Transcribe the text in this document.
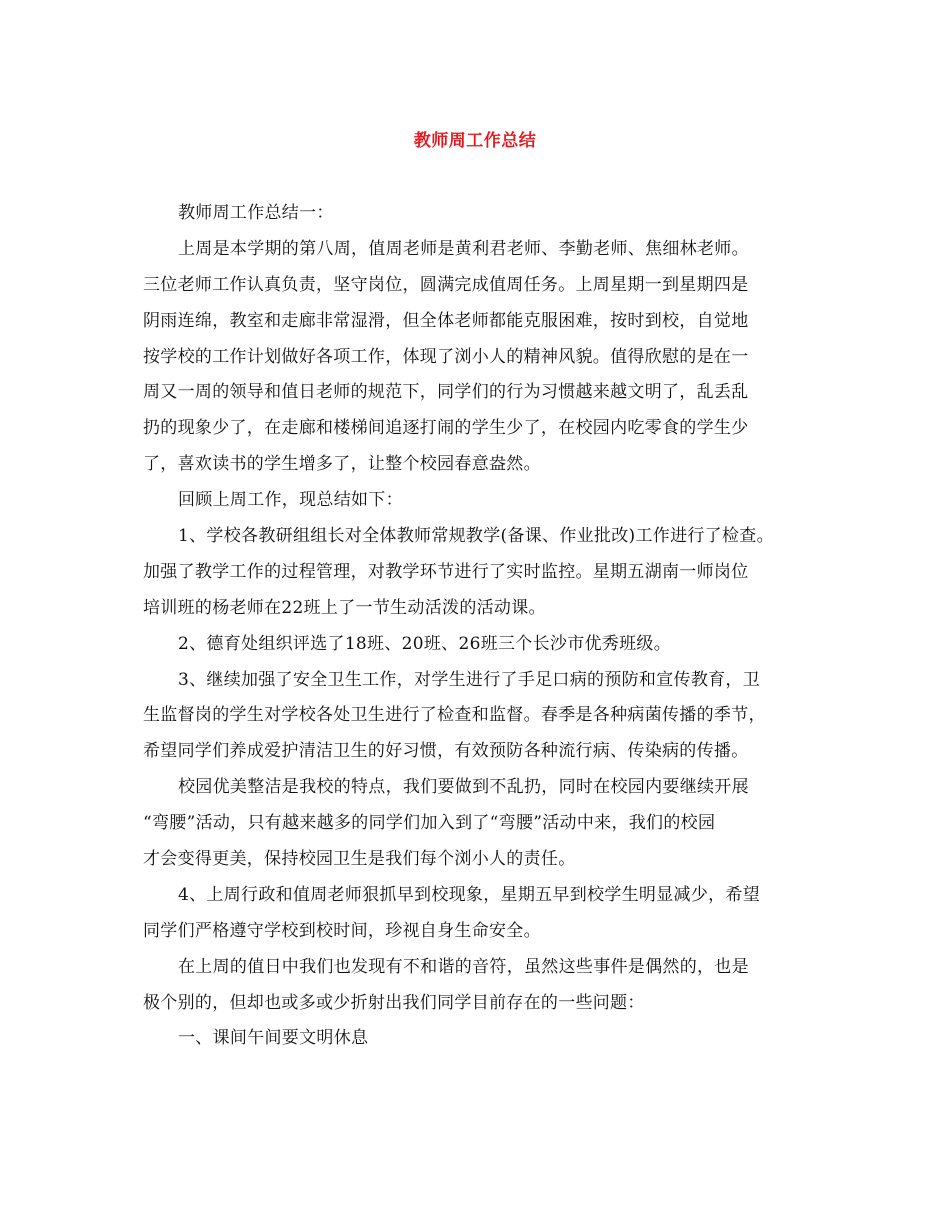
教师周工作总结
教师周工作总结一：
上周是本学期的第八周，值周老师是黄利君老师、李勤老师、焦细林老师。
三位老师工作认真负责，坚守岗位，圆满完成值周任务。上周星期一到星期四是
阴雨连绵，教室和走廊非常湿滑，但全体老师都能克服困难，按时到校，自觉地
按学校的工作计划做好各项工作，体现了浏小人的精神风貌。值得欣慰的是在一
周又一周的领导和值日老师的规范下，同学们的行为习惯越来越文明了，乱丢乱
扔的现象少了，在走廊和楼梯间追逐打闹的学生少了，在校园内吃零食的学生少
了，喜欢读书的学生增多了，让整个校园春意盎然。
回顾上周工作，现总结如下：
1、学校各教研组组长对全体教师常规教学(备课、作业批改)工作进行了检查。
加强了教学工作的过程管理，对教学环节进行了实时监控。星期五湖南一师岗位
培训班的杨老师在22班上了一节生动活泼的活动课。
2、德育处组织评选了18班、20班、26班三个长沙市优秀班级。
3、继续加强了安全卫生工作，对学生进行了手足口病的预防和宣传教育，卫
生监督岗的学生对学校各处卫生进行了检查和监督。春季是各种病菌传播的季节，
希望同学们养成爱护清洁卫生的好习惯，有效预防各种流行病、传染病的传播。
校园优美整洁是我校的特点，我们要做到不乱扔，同时在校园内要继续开展
“弯腰”活动，只有越来越多的同学们加入到了“弯腰”活动中来，我们的校园
才会变得更美，保持校园卫生是我们每个浏小人的责任。
4、上周行政和值周老师狠抓早到校现象，星期五早到校学生明显减少，希望
同学们严格遵守学校到校时间，珍视自身生命安全。
在上周的值日中我们也发现有不和谐的音符，虽然这些事件是偶然的，也是
极个别的，但却也或多或少折射出我们同学目前存在的一些问题：
一、课间午间要文明休息
